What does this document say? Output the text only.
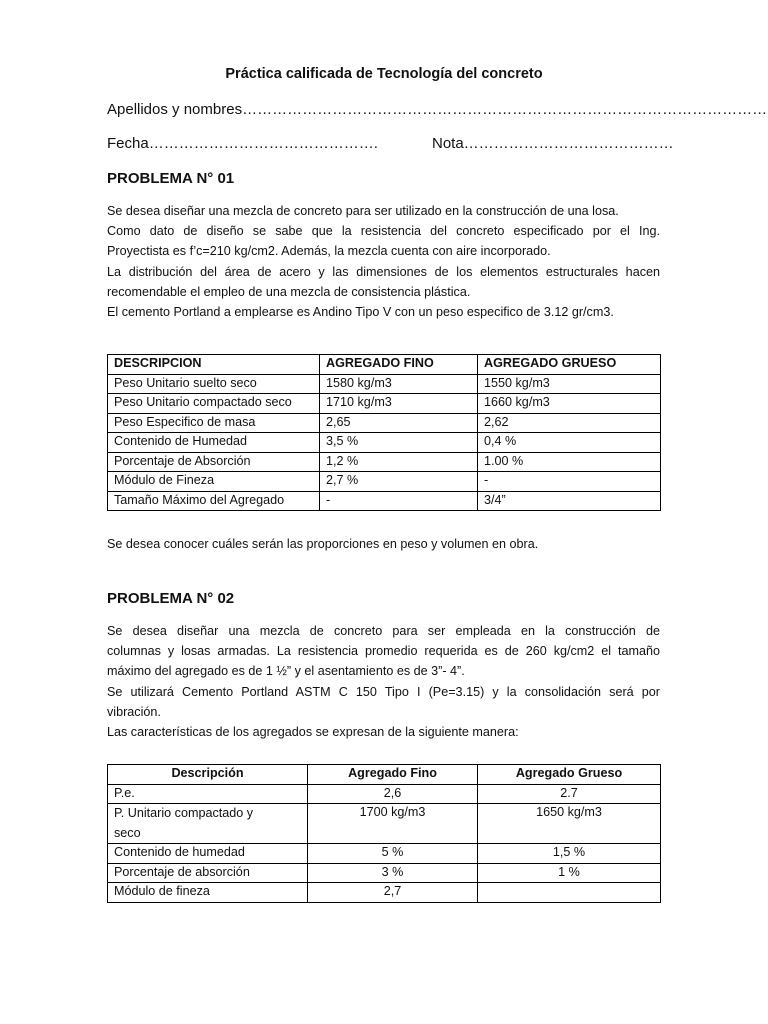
Práctica calificada de Tecnología del concreto
Apellidos y nombres……………………………………………………………………………………………
Fecha……………………………………….	Nota……………………………………
PROBLEMA N° 01

Se desea diseñar una mezcla de concreto para ser utilizado en la construcción de una losa.

Como dato de diseño se sabe que la resistencia del concreto especificado por el Ing.

Proyectista es f’c=210 kg/cm2. Además, la mezcla cuenta con aire incorporado.

La distribución del área de acero y las dimensiones de los elementos estructurales hacen

recomendable el empleo de una mezcla de consistencia plástica.

El cemento Portland a emplearse es Andino Tipo V con un peso especifico de 3.12 gr/cm3.

DESCRIPCION	AGREGADO FINO	AGREGADO GRUESO
Peso Unitario suelto seco	1580 kg/m3	1550 kg/m3
Peso Unitario compactado seco	1710 kg/m3	1660 kg/m3
Peso Especifico de masa	2,65	2,62
Contenido de Humedad	3,5 %	0,4 %
Porcentaje de Absorción	1,2 %	1.00 %
Módulo de Fineza	2,7 %	-
Tamaño Máximo del Agregado	-	3/4”
Se desea conocer cuáles serán las proporciones en peso y volumen en obra.
PROBLEMA N° 02

Se desea diseñar una mezcla de concreto para ser empleada en la construcción de

columnas y losas armadas. La resistencia promedio requerida es de 260 kg/cm2 el tamaño

máximo del agregado es de 1 ½” y el asentamiento es de 3”- 4”.

Se utilizará Cemento Portland ASTM C 150 Tipo I (Pe=3.15) y la consolidación será por

vibración.

Las características de los agregados se expresan de la siguiente manera:

Descripción	Agregado Fino	Agregado Grueso
P.e.	2,6	2.7

P. Unitario compactado y
seco	1700 kg/m3	1650 kg/m3
Contenido de humedad	5 %	1,5 %
Porcentaje de absorción	3 %	1 %
Módulo de fineza	2,7	
